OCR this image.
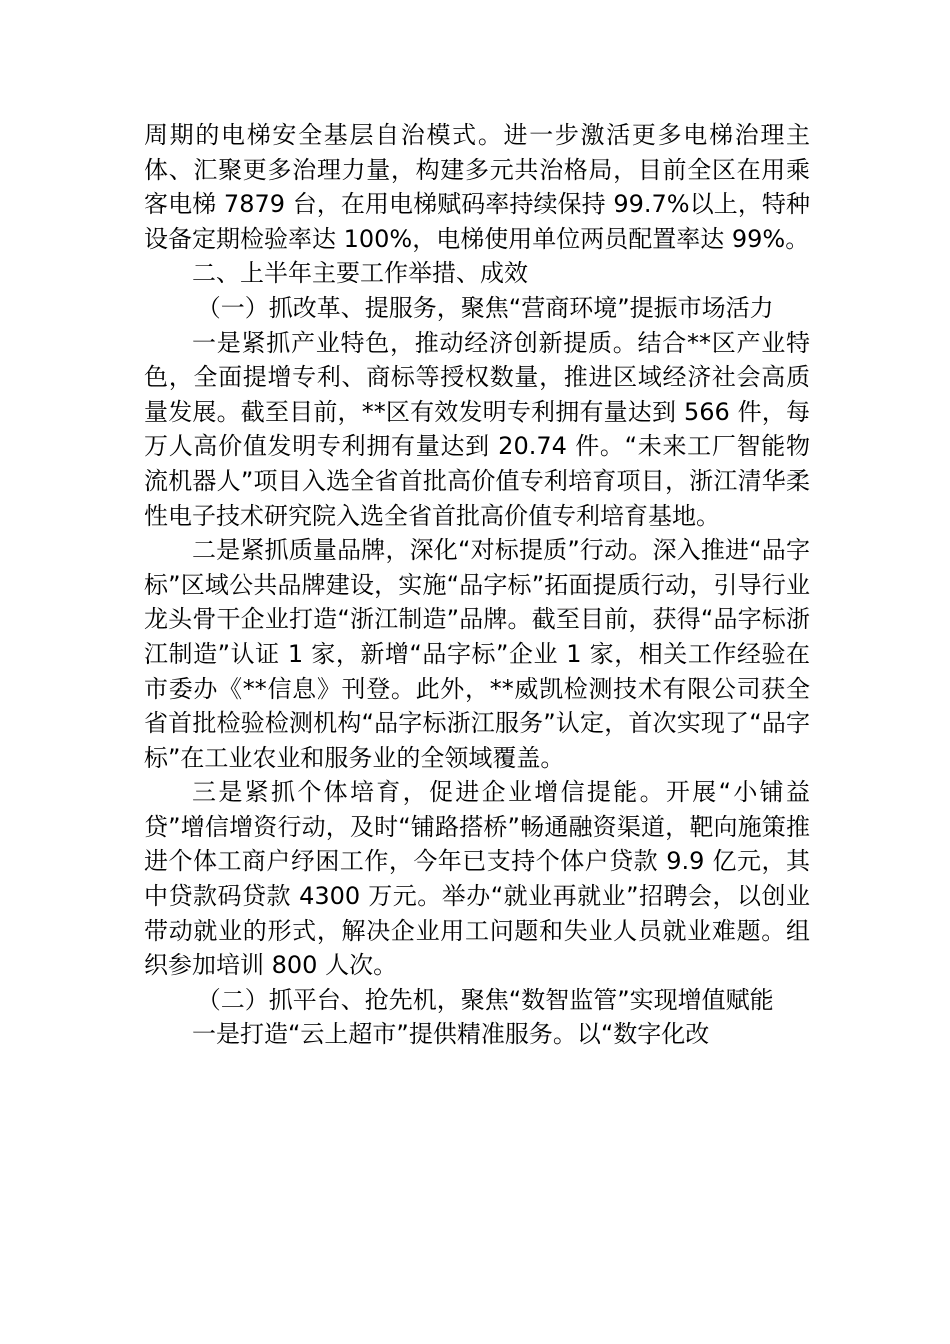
周期的电梯安全基层自治模式。进一步激活更多电梯治理主体、汇聚更多治理力量，构建多元共治格局，目前全区在用乘客电梯 7879 台，在用电梯赋码率持续保持 99.7%以上，特种设备定期检验率达 100%，电梯使用单位两员配置率达 99%。

二、上半年主要工作举措、成效

（一）抓改革、提服务，聚焦“营商环境”提振市场活力

一是紧抓产业特色，推动经济创新提质。结合**区产业特色，全面提增专利、商标等授权数量，推进区域经济社会高质量发展。截至目前，**区有效发明专利拥有量达到 566 件，每万人高价值发明专利拥有量达到 20.74 件。“未来工厂智能物流机器人”项目入选全省首批高价值专利培育项目，浙江清华柔性电子技术研究院入选全省首批高价值专利培育基地。

二是紧抓质量品牌，深化“对标提质”行动。深入推进“品字标”区域公共品牌建设，实施“品字标”拓面提质行动，引导行业龙头骨干企业打造“浙江制造”品牌。截至目前，获得“品字标浙江制造”认证 1 家，新增“品字标”企业 1 家，相关工作经验在市委办《**信息》刊登。此外，**威凯检测技术有限公司获全省首批检验检测机构“品字标浙江服务”认定，首次实现了“品字标”在工业农业和服务业的全领域覆盖。

三是紧抓个体培育，促进企业增信提能。开展“小铺益贷”增信增资行动，及时“铺路搭桥”畅通融资渠道，靶向施策推进个体工商户纾困工作，今年已支持个体户贷款 9.9 亿元，其中贷款码贷款 4300 万元。举办“就业再就业”招聘会，以创业带动就业的形式，解决企业用工问题和失业人员就业难题。组织参加培训 800 人次。

（二）抓平台、抢先机，聚焦“数智监管”实现增值赋能

一是打造“云上超市”提供精准服务。以“数字化改
